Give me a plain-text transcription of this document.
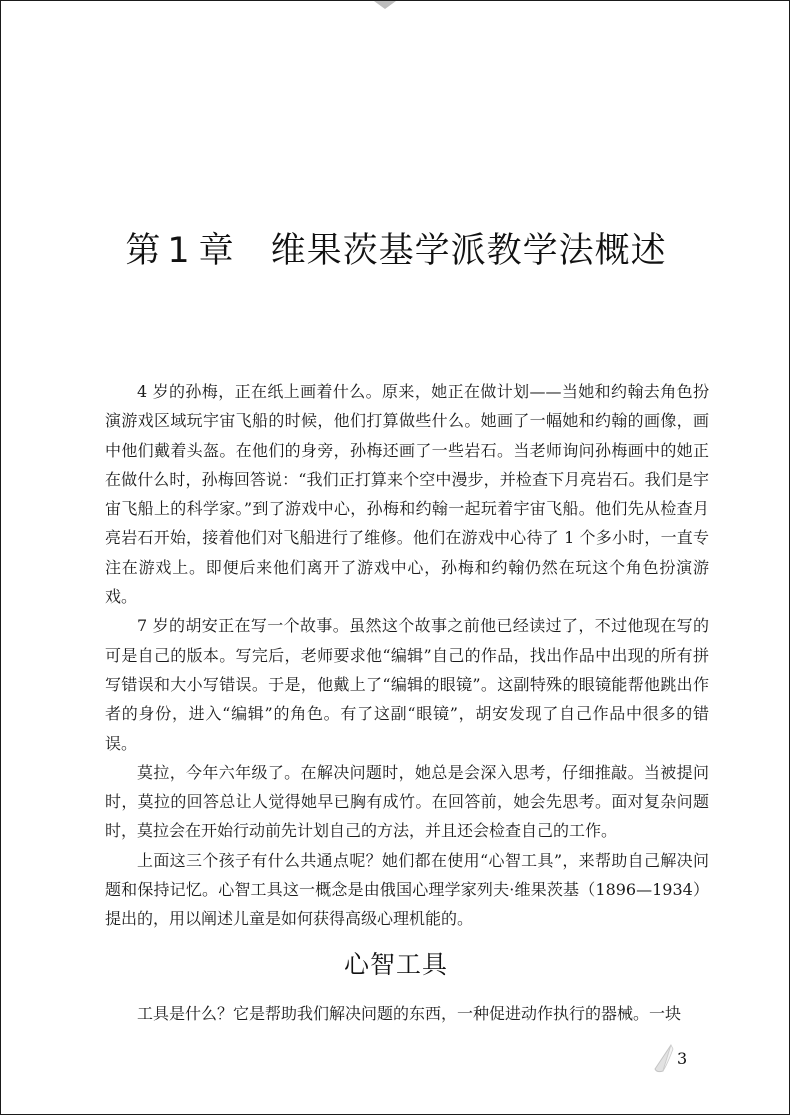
第 1 章 维果茨基学派教学法概述

4 岁的孙梅，正在纸上画着什么。原来，她正在做计划——当她和约翰去角色扮演游戏区域玩宇宙飞船的时候，他们打算做些什么。她画了一幅她和约翰的画像，画中他们戴着头盔。在他们的身旁，孙梅还画了一些岩石。当老师询问孙梅画中的她正在做什么时，孙梅回答说：“我们正打算来个空中漫步，并检查下月亮岩石。我们是宇宙飞船上的科学家。”到了游戏中心，孙梅和约翰一起玩着宇宙飞船。他们先从检查月亮岩石开始，接着他们对飞船进行了维修。他们在游戏中心待了 1 个多小时，一直专注在游戏上。即便后来他们离开了游戏中心，孙梅和约翰仍然在玩这个角色扮演游戏。

7 岁的胡安正在写一个故事。虽然这个故事之前他已经读过了，不过他现在写的可是自己的版本。写完后，老师要求他“编辑”自己的作品，找出作品中出现的所有拼写错误和大小写错误。于是，他戴上了“编辑的眼镜”。这副特殊的眼镜能帮他跳出作者的身份，进入“编辑”的角色。有了这副“眼镜”，胡安发现了自己作品中很多的错误。

莫拉，今年六年级了。在解决问题时，她总是会深入思考，仔细推敲。当被提问时，莫拉的回答总让人觉得她早已胸有成竹。在回答前，她会先思考。面对复杂问题时，莫拉会在开始行动前先计划自己的方法，并且还会检查自己的工作。

上面这三个孩子有什么共通点呢？她们都在使用“心智工具”，来帮助自己解决问题和保持记忆。心智工具这一概念是由俄国心理学家列夫·维果茨基（1896—1934）提出的，用以阐述儿童是如何获得高级心理机能的。

心智工具

工具是什么？它是帮助我们解决问题的东西，一种促进动作执行的器械。一块

3
